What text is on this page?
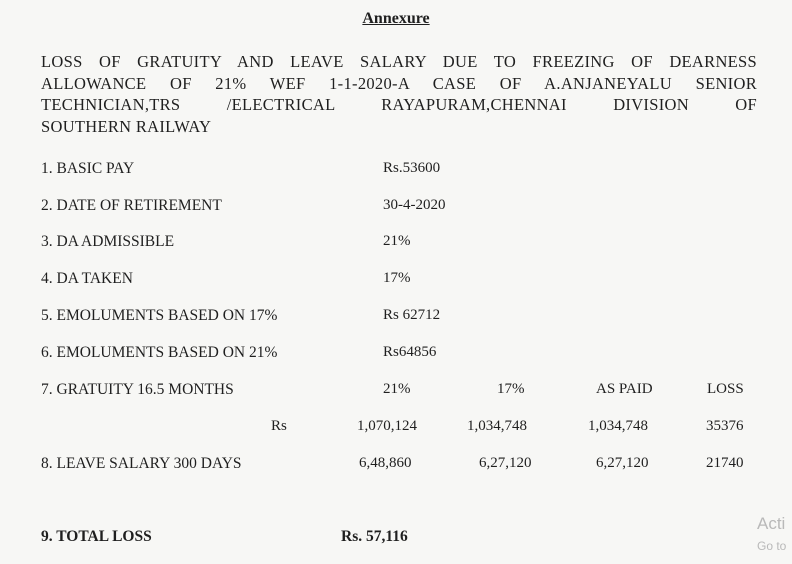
Annexure
LOSS OF GRATUITY AND LEAVE SALARY DUE TO FREEZING OF DEARNESS
ALLOWANCE OF 21% WEF 1-1-2020-A CASE OF A.ANJANEYALU SENIOR
TECHNICIAN,TRS /ELECTRICAL RAYAPURAM,CHENNAI DIVISION OF
SOUTHERN RAILWAY
1. BASIC PAY	Rs.53600
2. DATE OF RETIREMENT	30-4-2020
3. DA ADMISSIBLE	21%
4. DA TAKEN	17%
5. EMOLUMENTS BASED ON 17%	Rs 62712
6. EMOLUMENTS BASED ON 21%	Rs64856
7. GRATUITY 16.5 MONTHS	21%	17%	AS PAID	LOSS
Rs	1,070,124	1,034,748	1,034,748	35376
8. LEAVE SALARY 300 DAYS	6,48,860	6,27,120	6,27,120	21740
9. TOTAL LOSS	Rs. 57,116
Acti
Go to
